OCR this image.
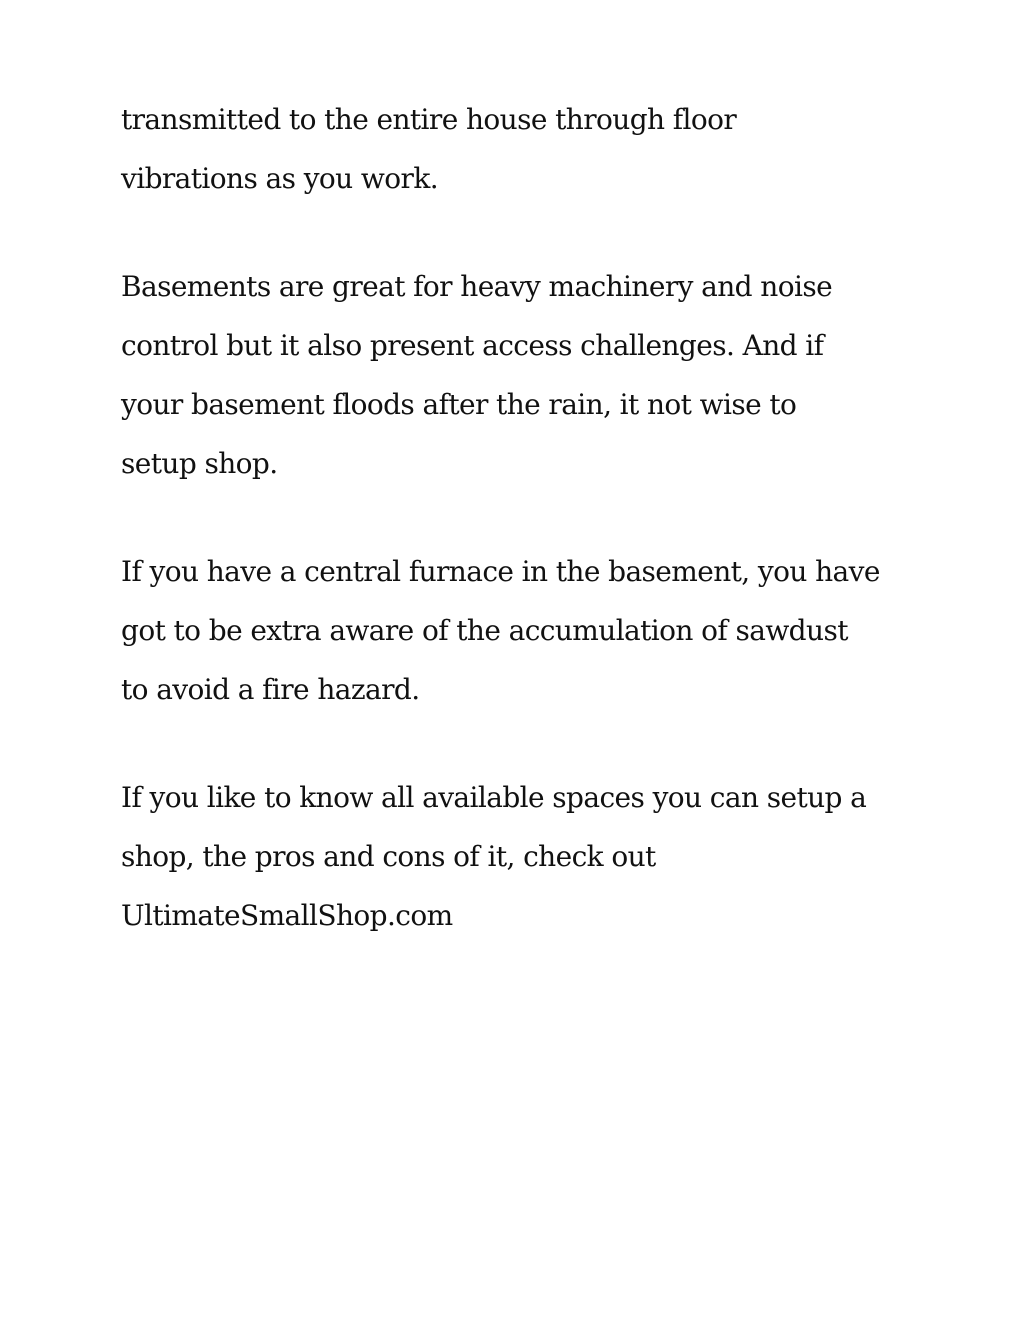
transmitted to the entire house through floor
vibrations as you work.

Basements are great for heavy machinery and noise
control but it also present access challenges. And if
your basement floods after the rain, it not wise to
setup shop.

If you have a central furnace in the basement, you have
got to be extra aware of the accumulation of sawdust
to avoid a fire hazard.

If you like to know all available spaces you can setup a
shop, the pros and cons of it, check out
UltimateSmallShop.com
